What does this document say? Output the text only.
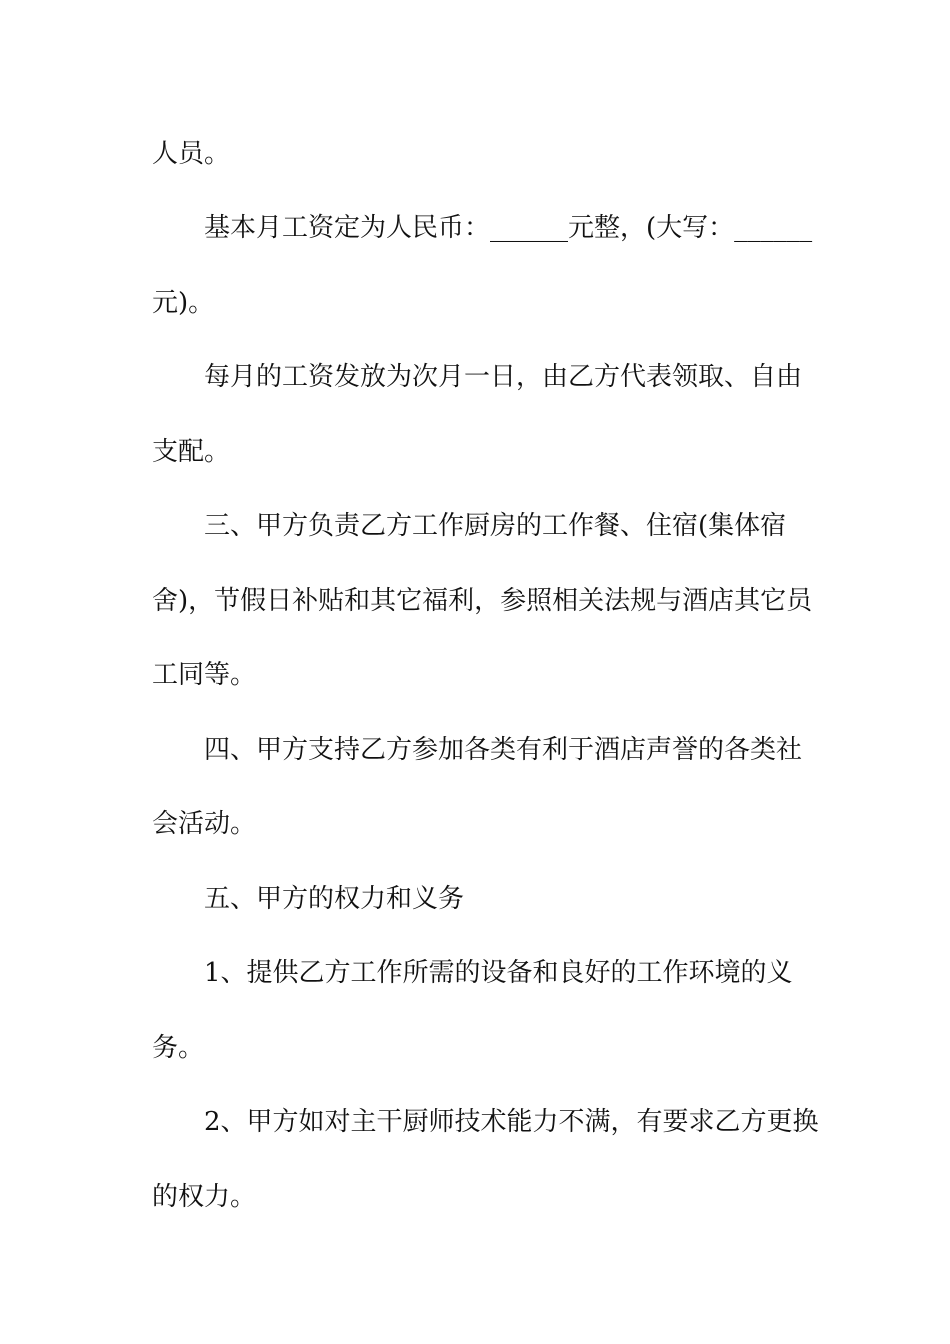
人员。
基本月工资定为人民币：______元整，(大写：______
元)。
每月的工资发放为次月一日，由乙方代表领取、自由
支配。
三、甲方负责乙方工作厨房的工作餐、住宿(集体宿
舍)，节假日补贴和其它福利，参照相关法规与酒店其它员
工同等。
四、甲方支持乙方参加各类有利于酒店声誉的各类社
会活动。
五、甲方的权力和义务
1、提供乙方工作所需的设备和良好的工作环境的义
务。
2、甲方如对主干厨师技术能力不满，有要求乙方更换
的权力。
